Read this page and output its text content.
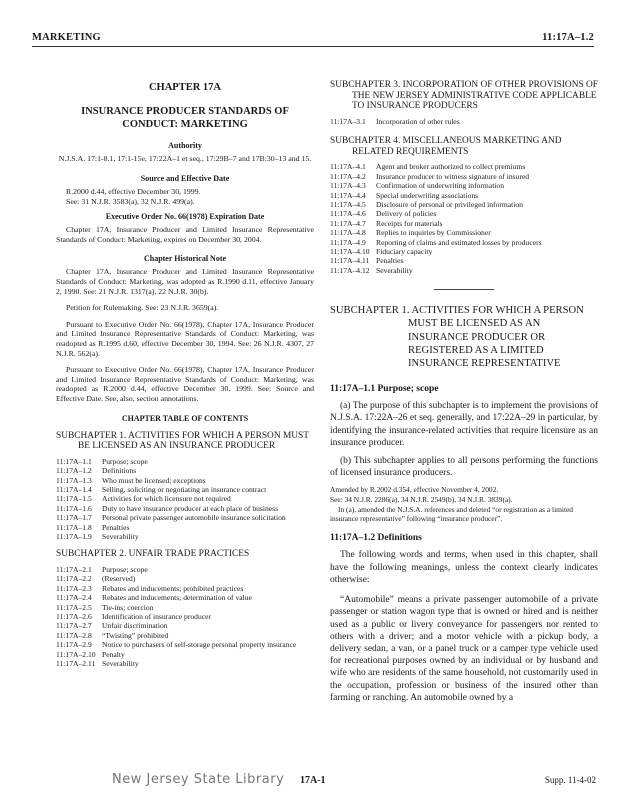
MARKETING	11:17A–1.2
CHAPTER 17A
INSURANCE PRODUCER STANDARDS OF CONDUCT: MARKETING
Authority
N.J.S.A. 17:1-8.1, 17:1-15e, 17:22A–1 et seq., 17:29B–7 and 17B:30–13 and 15.
Source and Effective Date
R.2000 d.44, effective December 30, 1999.
See: 31 N.J.R. 3583(a), 32 N.J.R. 499(a).
Executive Order No. 66(1978) Expiration Date
Chapter 17A, Insurance Producer and Limited Insurance Representative Standards of Conduct: Marketing, expires on December 30, 2004.
Chapter Historical Note
Chapter 17A, Insurance Producer and Limited Insurance Representative Standards of Conduct: Marketing, was adopted as R.1990 d.11, effective January 2, 1990. See: 21 N.J.R. 1317(a), 22 N.J.R. 30(b).
Petition for Rulemaking. See: 23 N.J.R. 3659(a).
Pursuant to Executive Order No. 66(1978), Chapter 17A, Insurance Producer and Limited Insurance Representative Standards of Conduct: Marketing, was readopted as R.1995 d.60, effective December 30, 1994. See: 26 N.J.R. 4307, 27 N.J.R. 562(a).
Pursuant to Executive Order No. 66(1978), Chapter 17A, Insurance Producer and Limited Insurance Representative Standards of Conduct: Marketing, was readopted as R.2000 d.44, effective December 30, 1999. See: Source and Effective Date. See, also, section annotations.
CHAPTER TABLE OF CONTENTS
SUBCHAPTER 1. ACTIVITIES FOR WHICH A PERSON MUST BE LICENSED AS AN INSURANCE PRODUCER
11:17A–1.1	Purpose; scope
11:17A–1.2	Definitions
11:17A–1.3	Who must be licensed; exceptions
11:17A–1.4	Selling, soliciting or negotiating an insurance contract
11:17A–1.5	Activities for which licensure not required
11:17A–1.6	Duty to have insurance producer at each place of business
11:17A–1.7	Personal private passenger automobile insurance solicitation
11:17A–1.8	Penalties
11:17A–1.9	Severability
SUBCHAPTER 2. UNFAIR TRADE PRACTICES
11:17A–2.1	Purpose; scope
11:17A–2.2	(Reserved)
11:17A–2.3	Rebates and inducements; prohibited practices
11:17A–2.4	Rebates and inducements; determination of value
11:17A–2.5	Tie-ins; coercion
11:17A–2.6	Identification of insurance producer
11:17A–2.7	Unfair discrimination
11:17A–2.8	“Twisting” prohibited
11:17A–2.9	Notice to purchasers of self-storage personal property insurance
11:17A–2.10	Penalty
11:17A–2.11	Severability
SUBCHAPTER 3. INCORPORATION OF OTHER PROVISIONS OF THE NEW JERSEY ADMINISTRATIVE CODE APPLICABLE TO INSURANCE PRODUCERS
11:17A–3.1	Incorporation of other rules
SUBCHAPTER 4. MISCELLANEOUS MARKETING AND RELATED REQUIREMENTS
11:17A–4.1	Agent and broker authorized to collect premiums
11:17A–4.2	Insurance producer to witness signature of insured
11:17A–4.3	Confirmation of underwriting information
11:17A–4.4	Special underwriting associations
11:17A–4.5	Disclosure of personal or privileged information
11:17A–4.6	Delivery of policies
11:17A–4.7	Receipts for materials
11:17A–4.8	Replies to inquiries by Commissioner
11:17A–4.9	Reporting of claims and estimated losses by producers
11:17A–4.10	Fiduciary capacity
11:17A–4.11	Penalties
11:17A–4.12	Severability
SUBCHAPTER 1. ACTIVITIES FOR WHICH A PERSON MUST BE LICENSED AS AN INSURANCE PRODUCER OR REGISTERED AS A LIMITED INSURANCE REPRESENTATIVE
11:17A–1.1 Purpose; scope
(a) The purpose of this subchapter is to implement the provisions of N.J.S.A. 17:22A–26 et seq. generally, and 17:22A–29 in particular, by identifying the insurance-related activities that require licensure as an insurance producer.
(b) This subchapter applies to all persons performing the functions of licensed insurance producers.
Amended by R.2002 d.354, effective November 4, 2002.
See: 34 N.J.R. 2286(a), 34 N.J.R. 2549(b), 34 N.J.R. 3839(a).
In (a), amended the N.J.S.A. references and deleted “or registration as a limited insurance representative” following “insurance producer”.
11:17A–1.2 Definitions
The following words and terms, when used in this chapter, shall have the following meanings, unless the context clearly indicates otherwise:
“Automobile” means a private passenger automobile of a private passenger or station wagon type that is owned or hired and is neither used as a public or livery conveyance for passengers nor rented to others with a driver; and a motor vehicle with a pickup body, a delivery sedan, a van, or a panel truck or a camper type vehicle used for recreational purposes owned by an individual or by husband and wife who are residents of the same household, not customarily used in the occupation, profession or business of the insured other than farming or ranching. An automobile owned by a
New Jersey State Library 17A-1	Supp. 11-4-02
